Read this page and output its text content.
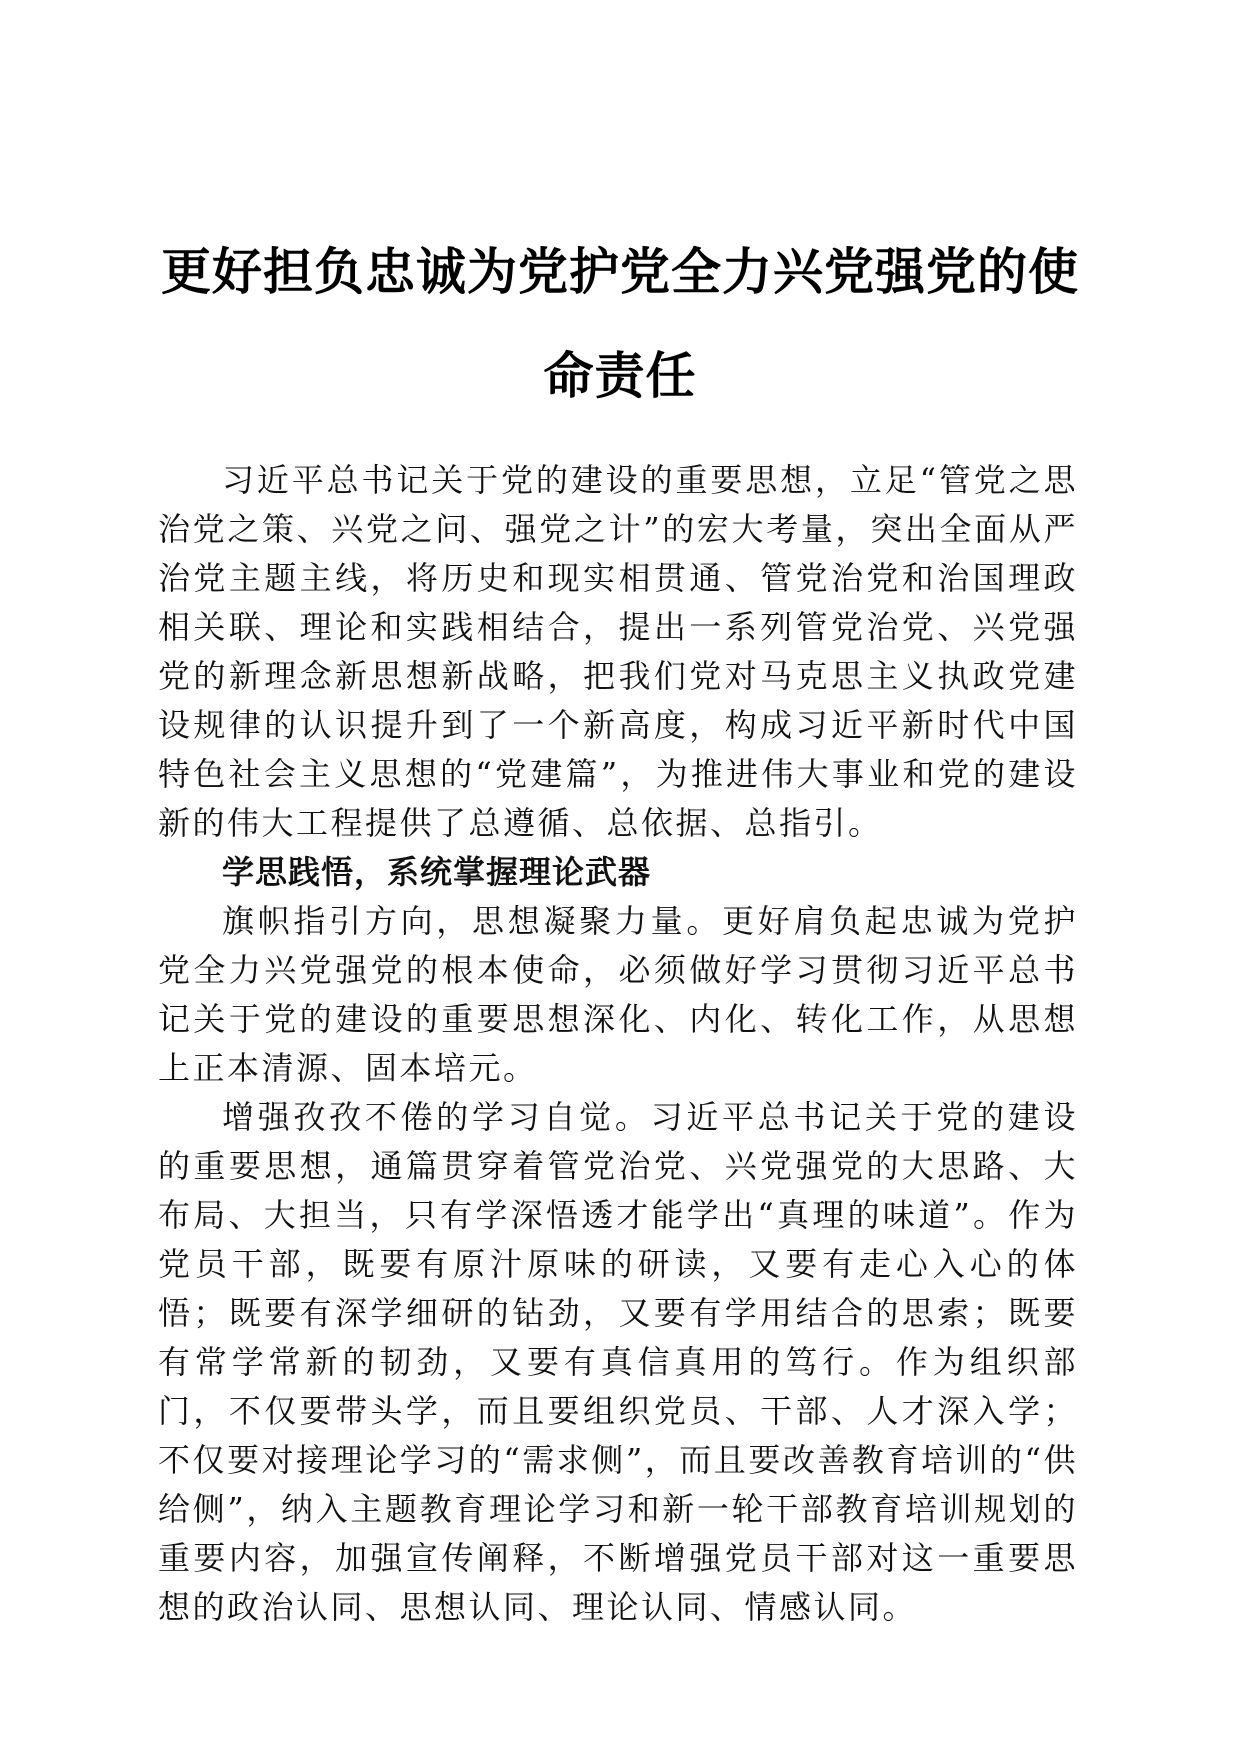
更好担负忠诚为党护党全力兴党强党的使命责任

习近平总书记关于党的建设的重要思想，立足“管党之思治党之策、兴党之问、强党之计”的宏大考量，突出全面从严治党主题主线，将历史和现实相贯通、管党治党和治国理政相关联、理论和实践相结合，提出一系列管党治党、兴党强党的新理念新思想新战略，把我们党对马克思主义执政党建设规律的认识提升到了一个新高度，构成习近平新时代中国特色社会主义思想的“党建篇”，为推进伟大事业和党的建设新的伟大工程提供了总遵循、总依据、总指引。

学思践悟，系统掌握理论武器

旗帜指引方向，思想凝聚力量。更好肩负起忠诚为党护党全力兴党强党的根本使命，必须做好学习贯彻习近平总书记关于党的建设的重要思想深化、内化、转化工作，从思想上正本清源、固本培元。

增强孜孜不倦的学习自觉。习近平总书记关于党的建设的重要思想，通篇贯穿着管党治党、兴党强党的大思路、大布局、大担当，只有学深悟透才能学出“真理的味道”。作为党员干部，既要有原汁原味的研读，又要有走心入心的体悟；既要有深学细研的钻劲，又要有学用结合的思索；既要有常学常新的韧劲，又要有真信真用的笃行。作为组织部门，不仅要带头学，而且要组织党员、干部、人才深入学；不仅要对接理论学习的“需求侧”，而且要改善教育培训的“供给侧”，纳入主题教育理论学习和新一轮干部教育培训规划的重要内容，加强宣传阐释，不断增强党员干部对这一重要思想的政治认同、思想认同、理论认同、情感认同。
